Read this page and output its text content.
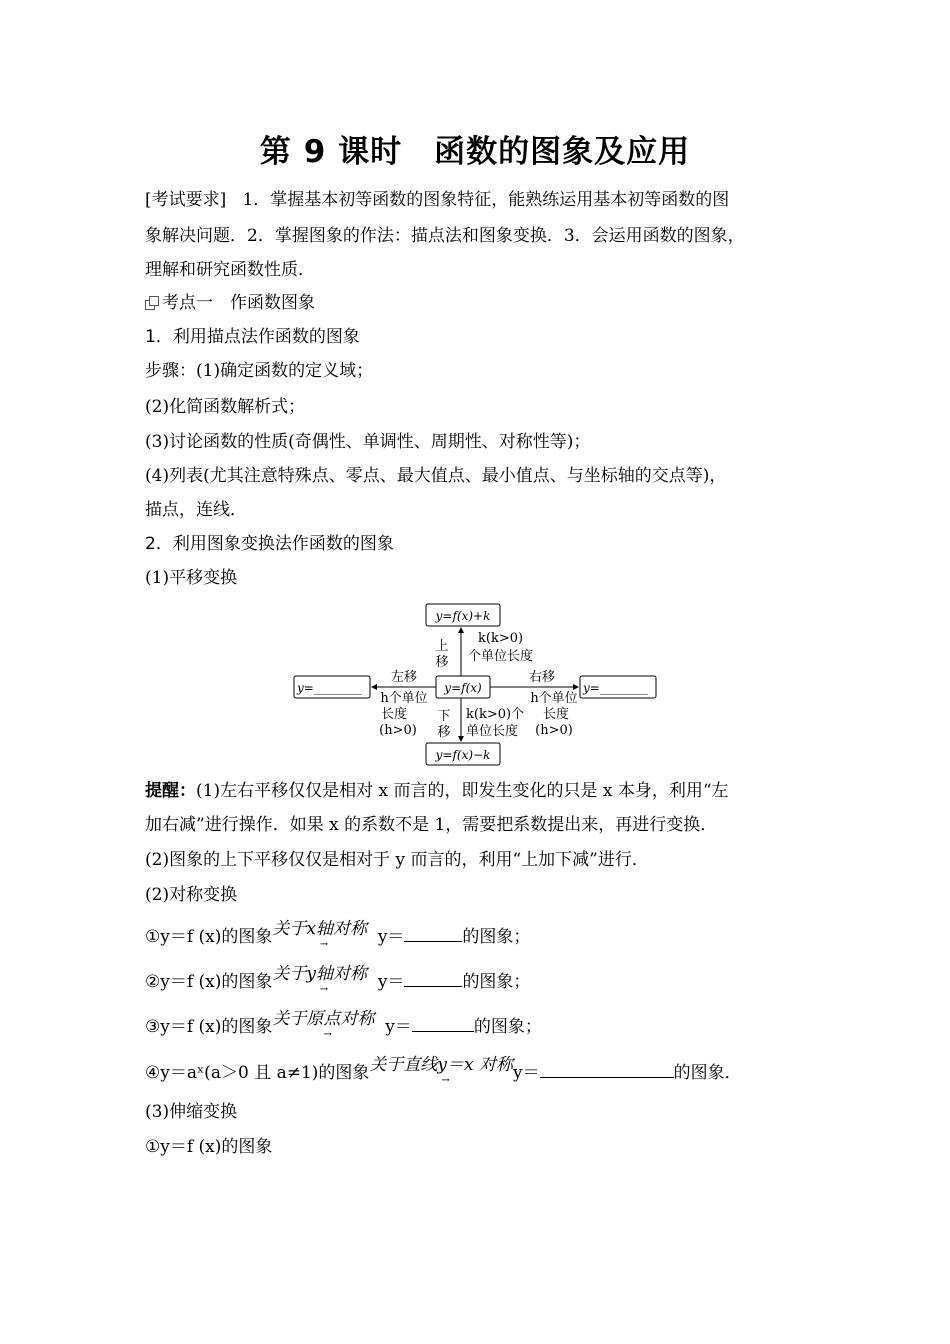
第 9 课时　函数的图象及应用
[考试要求] 1．掌握基本初等函数的图象特征，能熟练运用基本初等函数的图
象解决问题．2．掌握图象的作法：描点法和图象变换．3．会运用函数的图象，
理解和研究函数性质．
考点一　作函数图象
1．利用描点法作函数的图象
步骤：(1)确定函数的定义域；
(2)化简函数解析式；
(3)讨论函数的性质(奇偶性、单调性、周期性、对称性等)；
(4)列表(尤其注意特殊点、零点、最大值点、最小值点、与坐标轴的交点等)，
描点，连线．
2．利用图象变换法作函数的图象
(1)平移变换
y=f(x)+k
y=f(x)
y=f(x)−k
y=________	y=________
上
移
k(k>0)
个单位长度
下
移
k(k>0)个
单位长度
左移
h个单位
长度
(h>0)
右移
h个单位
长度
(h>0)
提醒：(1)左右平移仅仅是相对 x 而言的，即发生变化的只是 x 本身，利用“左
加右减”进行操作．如果 x 的系数不是 1，需要把系数提出来，再进行变换．
(2)图象的上下平移仅仅是相对于 y 而言的，利用“上加下减”进行．
(2)对称变换
①y＝f (x)的图象关于x轴对称
→	y＝	的图象；
②y＝f (x)的图象关于y轴对称
→	y＝	的图象；
③y＝f (x)的图象关于原点对称
→	y＝	的图象；
④y＝aˣ(a＞0 且 a≠1)的图象关于直线y＝x 对称
→	y＝	的图象．
(3)伸缩变换
①y＝f (x)的图象
